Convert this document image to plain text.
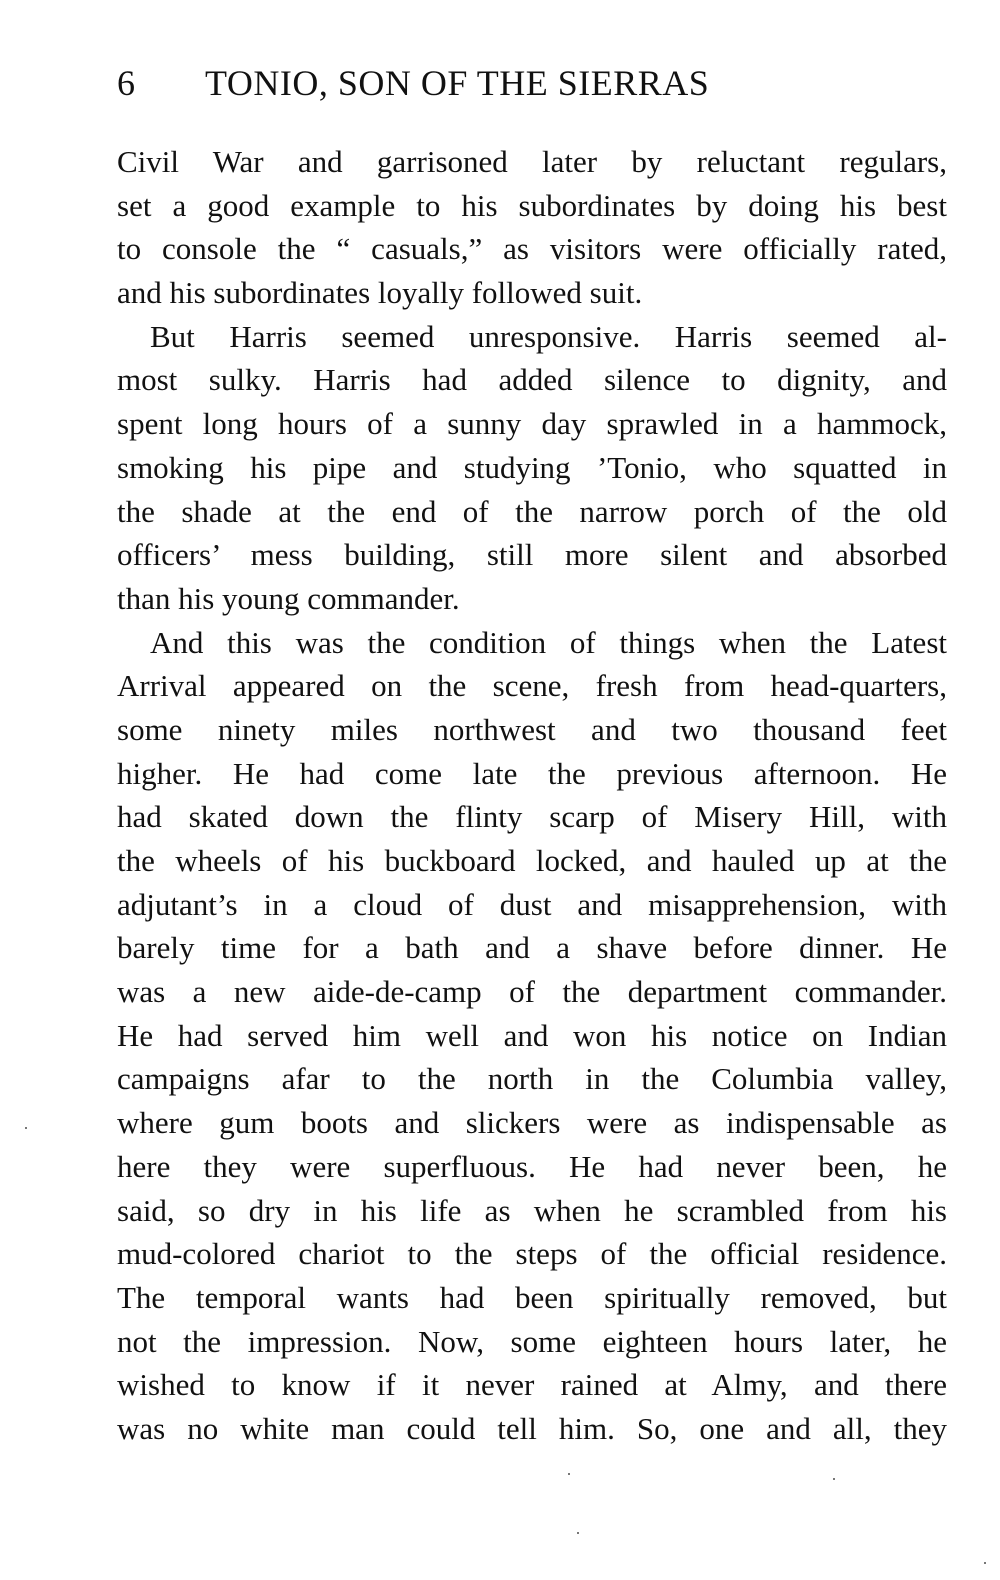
6 TONIO, SON OF THE SIERRAS
Civil War and garrisoned later by reluctant regulars,
set a good example to his subordinates by doing his best
to console the “ casuals,” as visitors were officially rated,
and his subordinates loyally followed suit.
But Harris seemed unresponsive. Harris seemed al-
most sulky. Harris had added silence to dignity, and
spent long hours of a sunny day sprawled in a hammock,
smoking his pipe and studying ’Tonio, who squatted in
the shade at the end of the narrow porch of the old
officers’ mess building, still more silent and absorbed
than his young commander.
And this was the condition of things when the Latest
Arrival appeared on the scene, fresh from head-quarters,
some ninety miles northwest and two thousand feet
higher. He had come late the previous afternoon. He
had skated down the flinty scarp of Misery Hill, with
the wheels of his buckboard locked, and hauled up at the
adjutant’s in a cloud of dust and misapprehension, with
barely time for a bath and a shave before dinner. He
was a new aide-de-camp of the department commander.
He had served him well and won his notice on Indian
campaigns afar to the north in the Columbia valley,
where gum boots and slickers were as indispensable as
here they were superfluous. He had never been, he
said, so dry in his life as when he scrambled from his
mud-colored chariot to the steps of the official residence.
The temporal wants had been spiritually removed, but
not the impression. Now, some eighteen hours later, he
wished to know if it never rained at Almy, and there
was no white man could tell him. So, one and all, they
